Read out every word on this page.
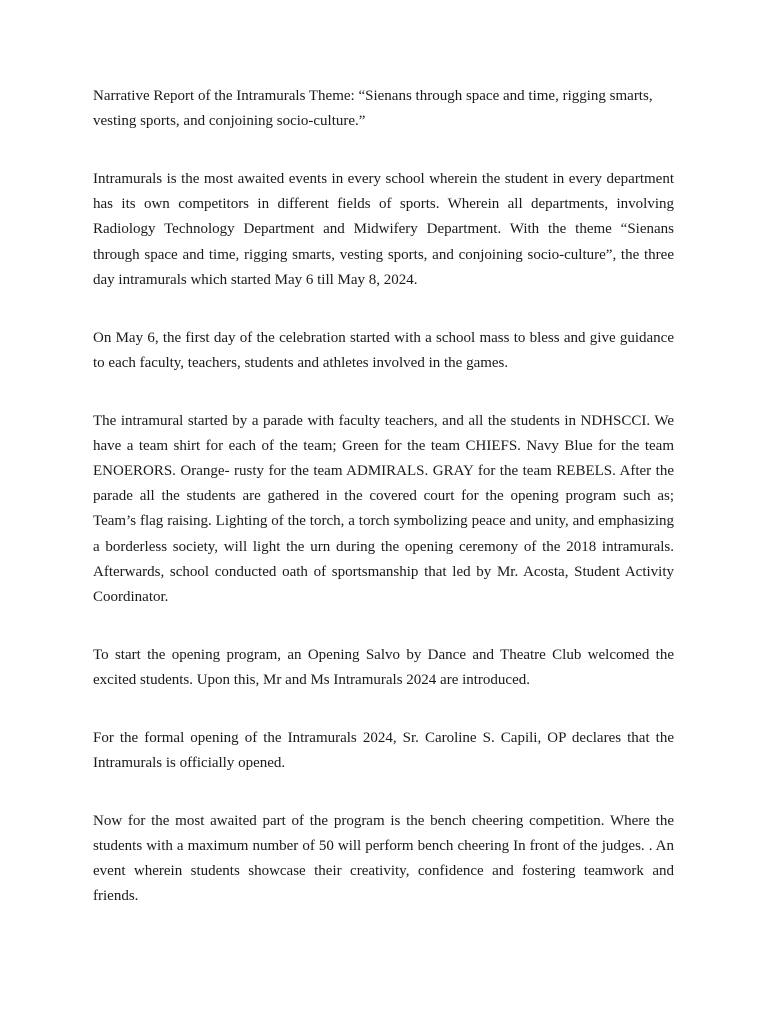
Narrative Report of the Intramurals Theme: “Sienans through space and time, rigging smarts, vesting sports, and conjoining socio-culture.”

Intramurals is the most awaited events in every school wherein the student in every department has its own competitors in different fields of sports. Wherein all departments, involving Radiology Technology Department and Midwifery Department. With the theme “Sienans through space and time, rigging smarts, vesting sports, and conjoining socio-culture”, the three day intramurals which started May 6 till May 8, 2024.

On May 6, the first day of the celebration started with a school mass to bless and give guidance to each faculty, teachers, students and athletes involved in the games.

The intramural started by a parade with faculty teachers, and all the students in NDHSCCI. We have a team shirt for each of the team; Green for the team CHIEFS. Navy Blue for the team ENOERORS. Orange- rusty for the team ADMIRALS. GRAY for the team REBELS. After the parade all the students are gathered in the covered court for the opening program such as; Team’s flag raising. Lighting of the torch, a torch symbolizing peace and unity, and emphasizing a borderless society, will light the urn during the opening ceremony of the 2018 intramurals. Afterwards, school conducted oath of sportsmanship that led by Mr. Acosta, Student Activity Coordinator.

To start the opening program, an Opening Salvo by Dance and Theatre Club welcomed the excited students. Upon this, Mr and Ms Intramurals 2024 are introduced.

For the formal opening of the Intramurals 2024, Sr. Caroline S. Capili, OP declares that the Intramurals is officially opened.

Now for the most awaited part of the program is the bench cheering competition. Where the students with a maximum number of 50 will perform bench cheering In front of the judges. . An event wherein students showcase their creativity, confidence and fostering teamwork and friends.
